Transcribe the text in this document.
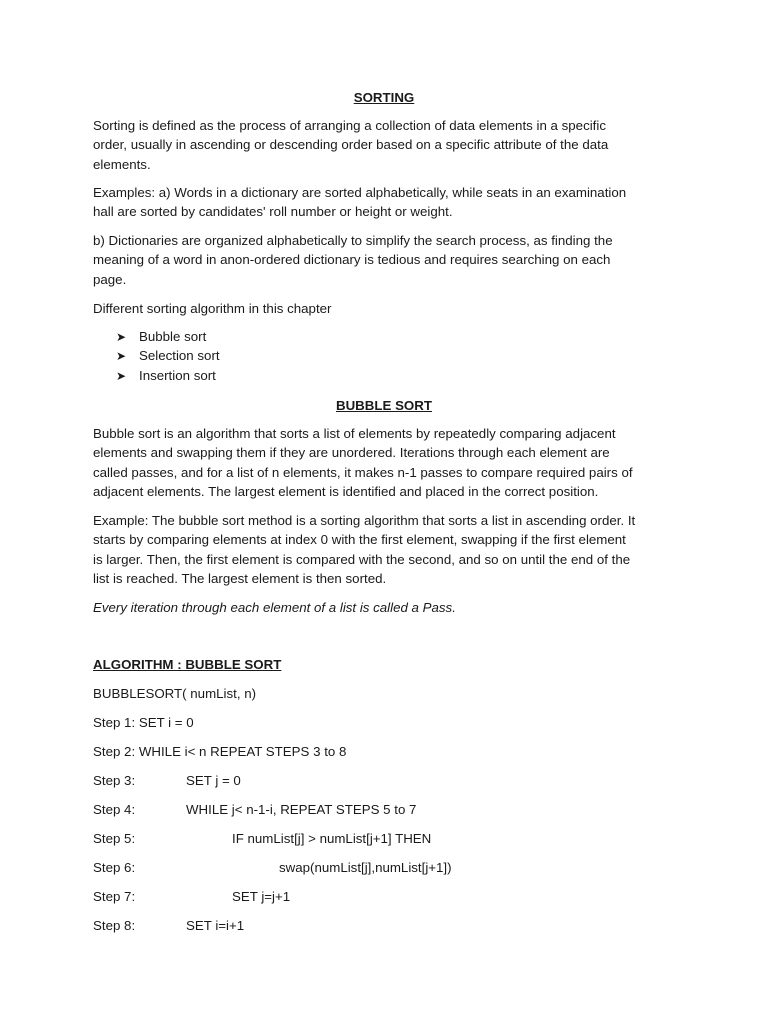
SORTING
Sorting is defined as the process of arranging a collection of data elements in a specific
order, usually in ascending or descending order based on a specific attribute of the data
elements.
Examples: a) Words in a dictionary are sorted alphabetically, while seats in an examination
hall are sorted by candidates' roll number or height or weight.
b) Dictionaries are organized alphabetically to simplify the search process, as finding the
meaning of a word in anon-ordered dictionary is tedious and requires searching on each
page.
Different sorting algorithm in this chapter
➤ Bubble sort
➤ Selection sort
➤ Insertion sort
BUBBLE SORT
Bubble sort is an algorithm that sorts a list of elements by repeatedly comparing adjacent
elements and swapping them if they are unordered. Iterations through each element are
called passes, and for a list of n elements, it makes n-1 passes to compare required pairs of
adjacent elements. The largest element is identified and placed in the correct position.
Example: The bubble sort method is a sorting algorithm that sorts a list in ascending order. It
starts by comparing elements at index 0 with the first element, swapping if the first element
is larger. Then, the first element is compared with the second, and so on until the end of the
list is reached. The largest element is then sorted.
Every iteration through each element of a list is called a Pass.
ALGORITHM : BUBBLE SORT
BUBBLESORT( numList, n)
Step 1: SET i = 0
Step 2: WHILE i< n REPEAT STEPS 3 to 8
Step 3:	SET j = 0
Step 4:	WHILE j< n-1-i, REPEAT STEPS 5 to 7
Step 5:	IF numList[j] > numList[j+1] THEN
Step 6:	swap(numList[j],numList[j+1])
Step 7:	SET j=j+1
Step 8:	SET i=i+1
